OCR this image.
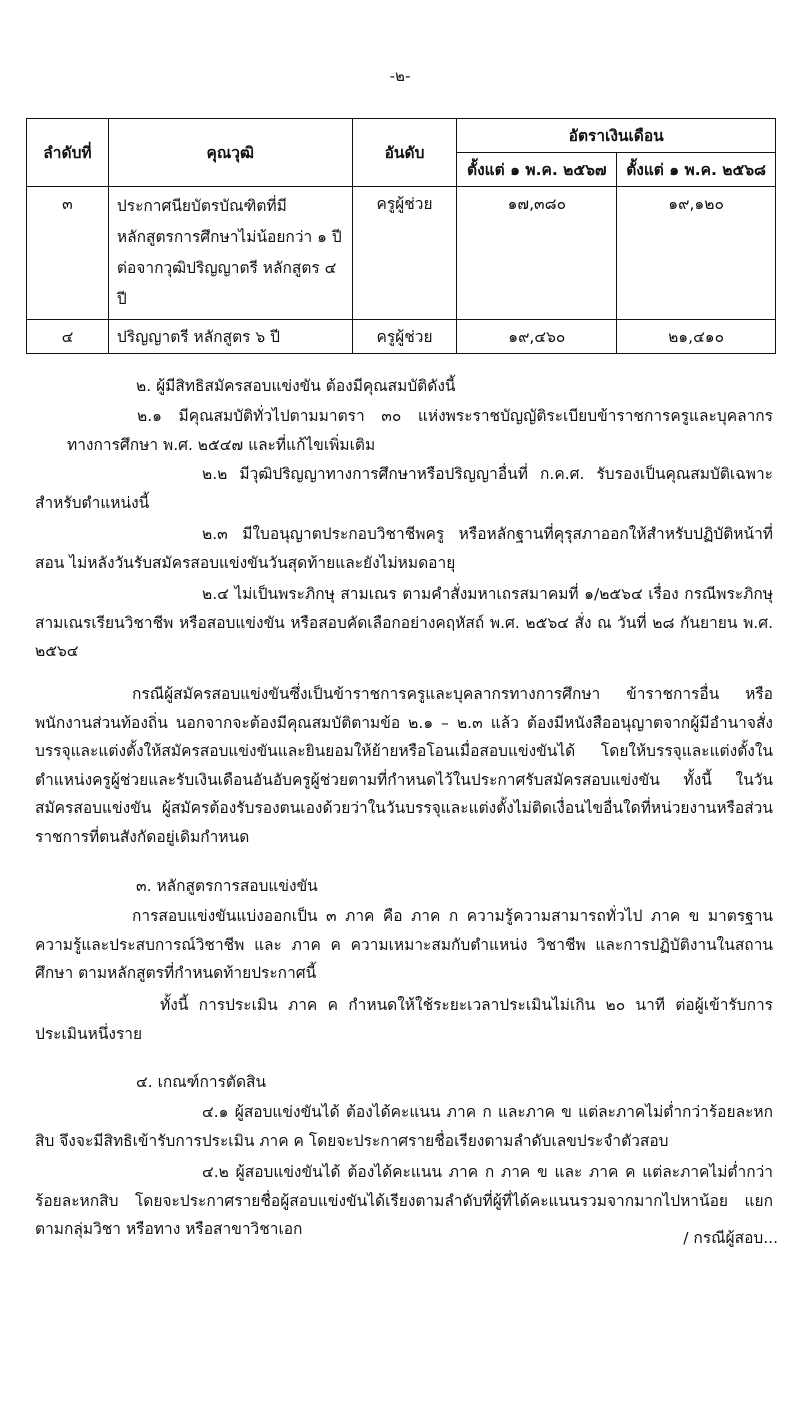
-๒-
ลำดับที่	คุณวุฒิ	อันดับ	อัตราเงินเดือน	
			ตั้งแต่ ๑ พ.ค. ๒๕๖๗	ตั้งแต่ ๑ พ.ค. ๒๕๖๘
๓	ประกาศนียบัตรบัณฑิตที่มีหลักสูตรการศึกษาไม่น้อยกว่า ๑ ปี ต่อจากวุฒิปริญญาตรี หลักสูตร ๔ ปี	ครูผู้ช่วย	๑๗,๓๘๐	๑๙,๑๒๐
๔	ปริญญาตรี หลักสูตร ๖ ปี	ครูผู้ช่วย	๑๙,๔๖๐	๒๑,๔๑๐
๒. ผู้มีสิทธิสมัครสอบแข่งขัน ต้องมีคุณสมบัติดังนี้
๒.๑ มีคุณสมบัติทั่วไปตามมาตรา ๓๐ แห่งพระราชบัญญัติระเบียบข้าราชการครูและบุคลากรทางการศึกษา พ.ศ. ๒๕๔๗ และที่แก้ไขเพิ่มเติม
๒.๒ มีวุฒิปริญญาทางการศึกษาหรือปริญญาอื่นที่ ก.ค.ศ. รับรองเป็นคุณสมบัติเฉพาะสำหรับตำแหน่งนี้
๒.๓ มีใบอนุญาตประกอบวิชาชีพครู หรือหลักฐานที่คุรุสภาออกให้สำหรับปฏิบัติหน้าที่สอน ไม่หลังวันรับสมัครสอบแข่งขันวันสุดท้ายและยังไม่หมดอายุ
๒.๔ ไม่เป็นพระภิกษุ สามเณร ตามคำสั่งมหาเถรสมาคมที่ ๑/๒๕๖๔ เรื่อง กรณีพระภิกษุสามเณรเรียนวิชาชีพ หรือสอบแข่งขัน หรือสอบคัดเลือกอย่างคฤหัสถ์ พ.ศ. ๒๕๖๔ สั่ง ณ วันที่ ๒๘ กันยายน พ.ศ. ๒๕๖๔
กรณีผู้สมัครสอบแข่งขันซึ่งเป็นข้าราชการครูและบุคลากรทางการศึกษา ข้าราชการอื่น หรือพนักงานส่วนท้องถิ่น นอกจากจะต้องมีคุณสมบัติตามข้อ ๒.๑ – ๒.๓ แล้ว ต้องมีหนังสืออนุญาตจากผู้มีอำนาจสั่งบรรจุและแต่งตั้งให้สมัครสอบแข่งขันและยินยอมให้ย้ายหรือโอนเมื่อสอบแข่งขันได้ โดยให้บรรจุและแต่งตั้งในตำแหน่งครูผู้ช่วยและรับเงินเดือนอันอับครูผู้ช่วยตามที่กำหนดไว้ในประกาศรับสมัครสอบแข่งขัน ทั้งนี้ ในวันสมัครสอบแข่งขัน ผู้สมัครต้องรับรองตนเองด้วยว่าในวันบรรจุและแต่งตั้งไม่ติดเงื่อนไขอื่นใดที่หน่วยงานหรือส่วนราชการที่ตนสังกัดอยู่เดิมกำหนด
๓. หลักสูตรการสอบแข่งขัน
การสอบแข่งขันแบ่งออกเป็น ๓ ภาค คือ ภาค ก ความรู้ความสามารถทั่วไป ภาค ข มาตรฐานความรู้และประสบการณ์วิชาชีพ และ ภาค ค ความเหมาะสมกับตำแหน่ง วิชาชีพ และการปฏิบัติงานในสถานศึกษา ตามหลักสูตรที่กำหนดท้ายประกาศนี้
ทั้งนี้ การประเมิน ภาค ค กำหนดให้ใช้ระยะเวลาประเมินไม่เกิน ๒๐ นาที ต่อผู้เข้ารับการประเมินหนึ่งราย
๔. เกณฑ์การตัดสิน
๔.๑ ผู้สอบแข่งขันได้ ต้องได้คะแนน ภาค ก และภาค ข แต่ละภาคไม่ต่ำกว่าร้อยละหกสิบ จึงจะมีสิทธิเข้ารับการประเมิน ภาค ค โดยจะประกาศรายชื่อเรียงตามลำดับเลขประจำตัวสอบ
๔.๒ ผู้สอบแข่งขันได้ ต้องได้คะแนน ภาค ก ภาค ข และ ภาค ค แต่ละภาคไม่ต่ำกว่าร้อยละหกสิบ โดยจะประกาศรายชื่อผู้สอบแข่งขันได้เรียงตามลำดับที่ผู้ที่ได้คะแนนรวมจากมากไปหาน้อย แยกตามกลุ่มวิชา หรือทาง หรือสาขาวิชาเอก	/ กรณีผู้สอบ...
